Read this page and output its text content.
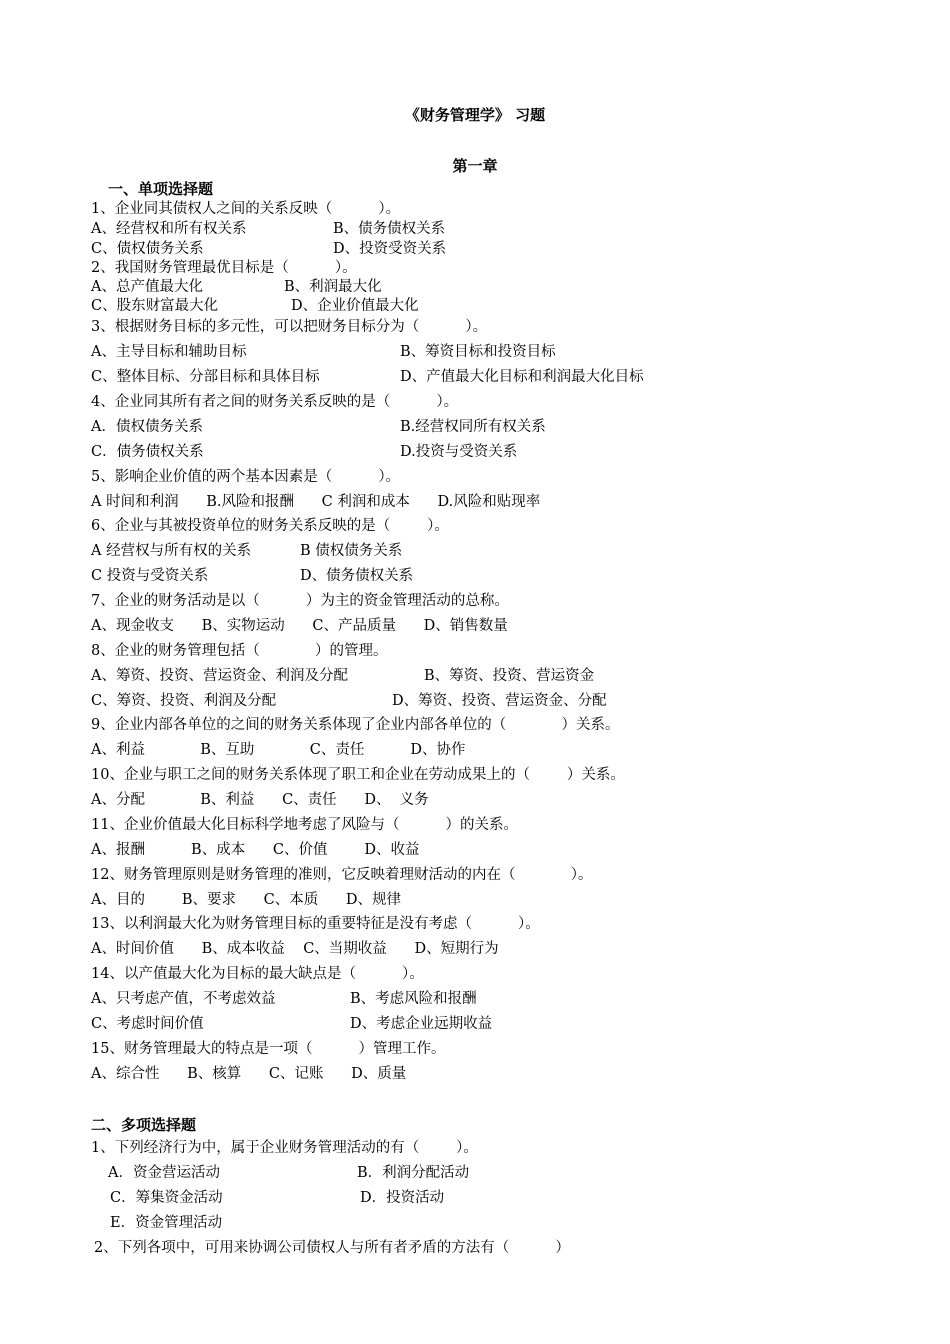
《财务管理学》 习题
第一章
一、单项选择题
1、企业同其债权人之间的关系反映（          ）。
A、经营权和所有权关系	B、债务债权关系
C、债权债务关系	D、投资受资关系
2、我国财务管理最优目标是（          ）。
A、总产值最大化	B、利润最大化
C、股东财富最大化	D、企业价值最大化
3、根据财务目标的多元性，可以把财务目标分为（          ）。
A、主导目标和辅助目标	B、筹资目标和投资目标
C、整体目标、分部目标和具体目标	D、产值最大化目标和利润最大化目标
4、企业同其所有者之间的财务关系反映的是（          ）。
A．债权债务关系	B.经营权同所有权关系
C．债务债权关系	D.投资与受资关系
5、影响企业价值的两个基本因素是（          ）。
A 时间和利润      B.风险和报酬      C 利润和成本      D.风险和贴现率
6、企业与其被投资单位的财务关系反映的是（        ）。
A 经营权与所有权的关系	B 债权债务关系
C 投资与受资关系	D、债务债权关系
7、企业的财务活动是以（          ）为主的资金管理活动的总称。
A、现金收支      B、实物运动      C、产品质量      D、销售数量
8、企业的财务管理包括（            ）的管理。
A、筹资、投资、营运资金、利润及分配	B、筹资、投资、营运资金
C、筹资、投资、利润及分配	D、筹资、投资、营运资金、分配
9、企业内部各单位的之间的财务关系体现了企业内部各单位的（            ）关系。
A、利益            B、互助            C、责任          D、协作
10、企业与职工之间的财务关系体现了职工和企业在劳动成果上的（        ）关系。
A、分配            B、利益      C、责任      D、  义务
11、企业价值最大化目标科学地考虑了风险与（          ）的关系。
A、报酬          B、成本      C、价值        D、收益
12、财务管理原则是财务管理的准则，它反映着理财活动的内在（            ）。
A、目的        B、要求      C、本质      D、规律
13、以利润最大化为财务管理目标的重要特征是没有考虑（          ）。
A、时间价值      B、成本收益    C、当期收益      D、短期行为
14、以产值最大化为目标的最大缺点是（          ）。
A、只考虑产值，不考虑效益	B、考虑风险和报酬
C、考虑时间价值	D、考虑企业远期收益
15、财务管理最大的特点是一项（          ）管理工作。
A、综合性      B、核算      C、记账      D、质量
二、多项选择题
1、下列经济行为中，属于企业财务管理活动的有（        ）。
A．资金营运活动	B．利润分配活动
C．筹集资金活动	D．投资活动
E．资金管理活动
2、下列各项中，可用来协调公司债权人与所有者矛盾的方法有（          ）
